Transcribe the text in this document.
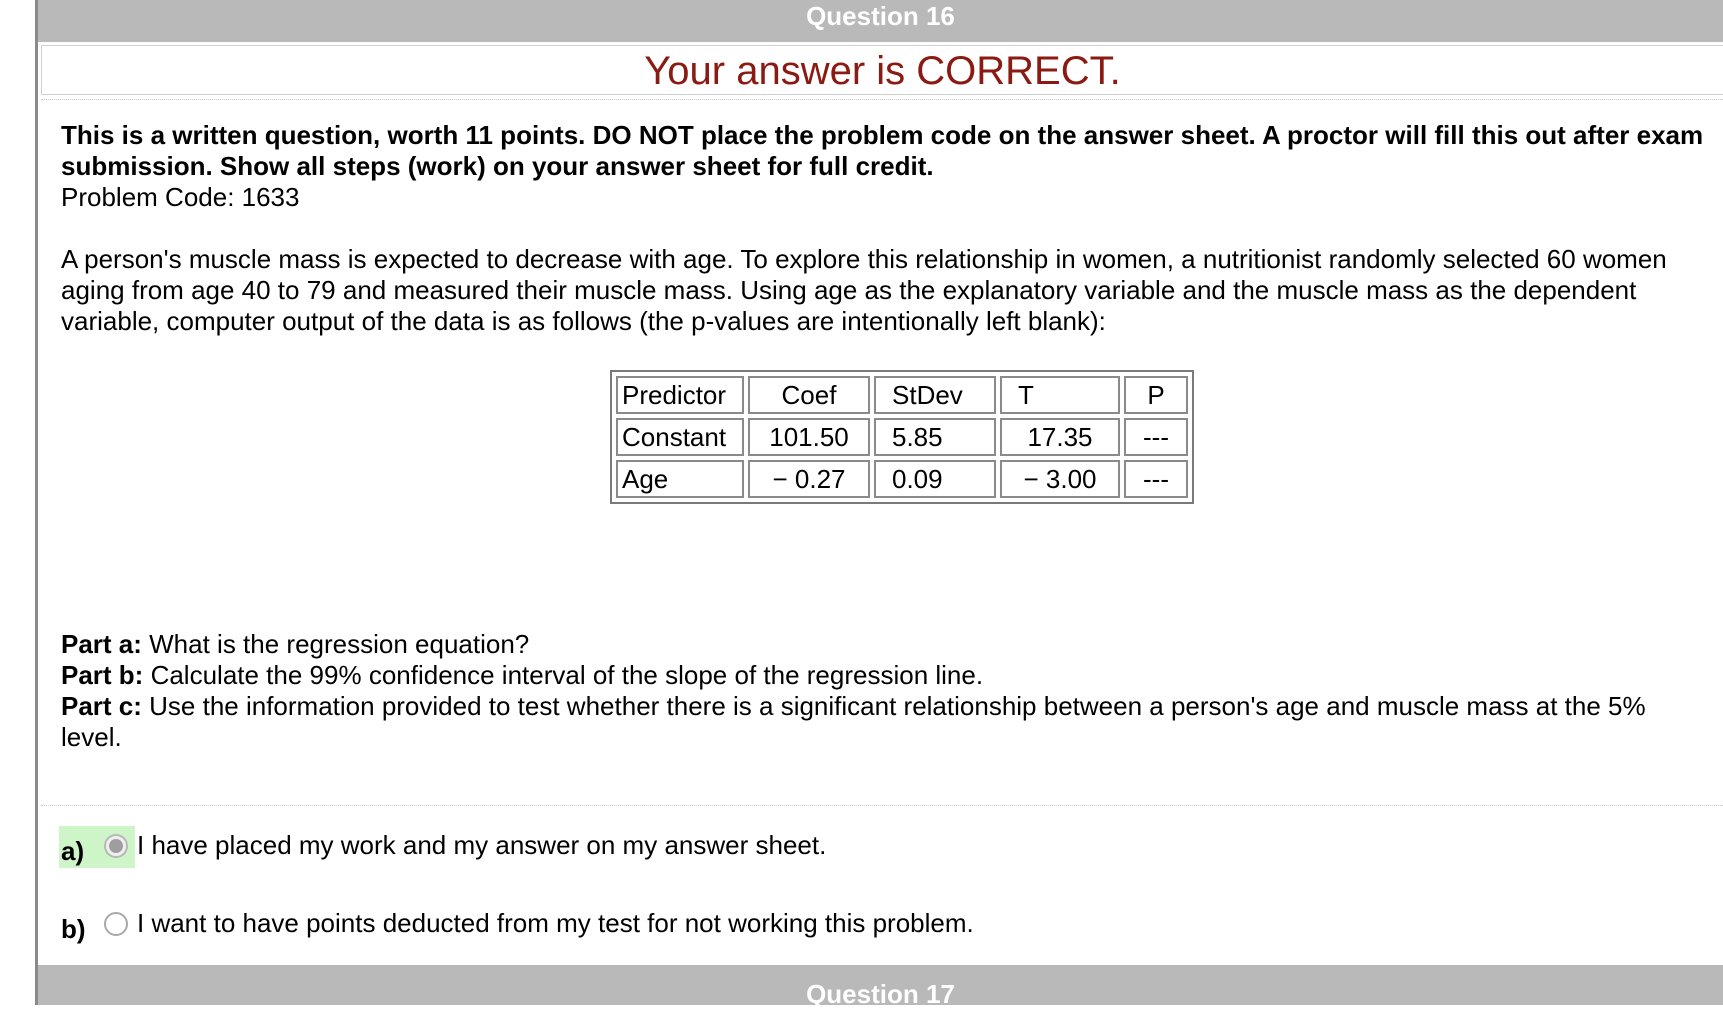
Question 16
Your answer is CORRECT.
This is a written question, worth 11 points. DO NOT place the problem code on the answer sheet. A proctor will fill this out after exam submission. Show all steps (work) on your answer sheet for full credit.
Problem Code: 1633
A person's muscle mass is expected to decrease with age. To explore this relationship in women, a nutritionist randomly selected 60 women aging from age 40 to 79 and measured their muscle mass. Using age as the explanatory variable and the muscle mass as the dependent variable, computer output of the data is as follows (the p-values are intentionally left blank):
Predictor	Coef	StDev	T	P
Constant	101.50	5.85	17.35	---
Age	− 0.27	0.09	− 3.00	---
Part a: What is the regression equation?
Part b: Calculate the 99% confidence interval of the slope of the regression line.
Part c: Use the information provided to test whether there is a significant relationship between a person's age and muscle mass at the 5% level.
a) I have placed my work and my answer on my answer sheet.
b) I want to have points deducted from my test for not working this problem.
Question 17
